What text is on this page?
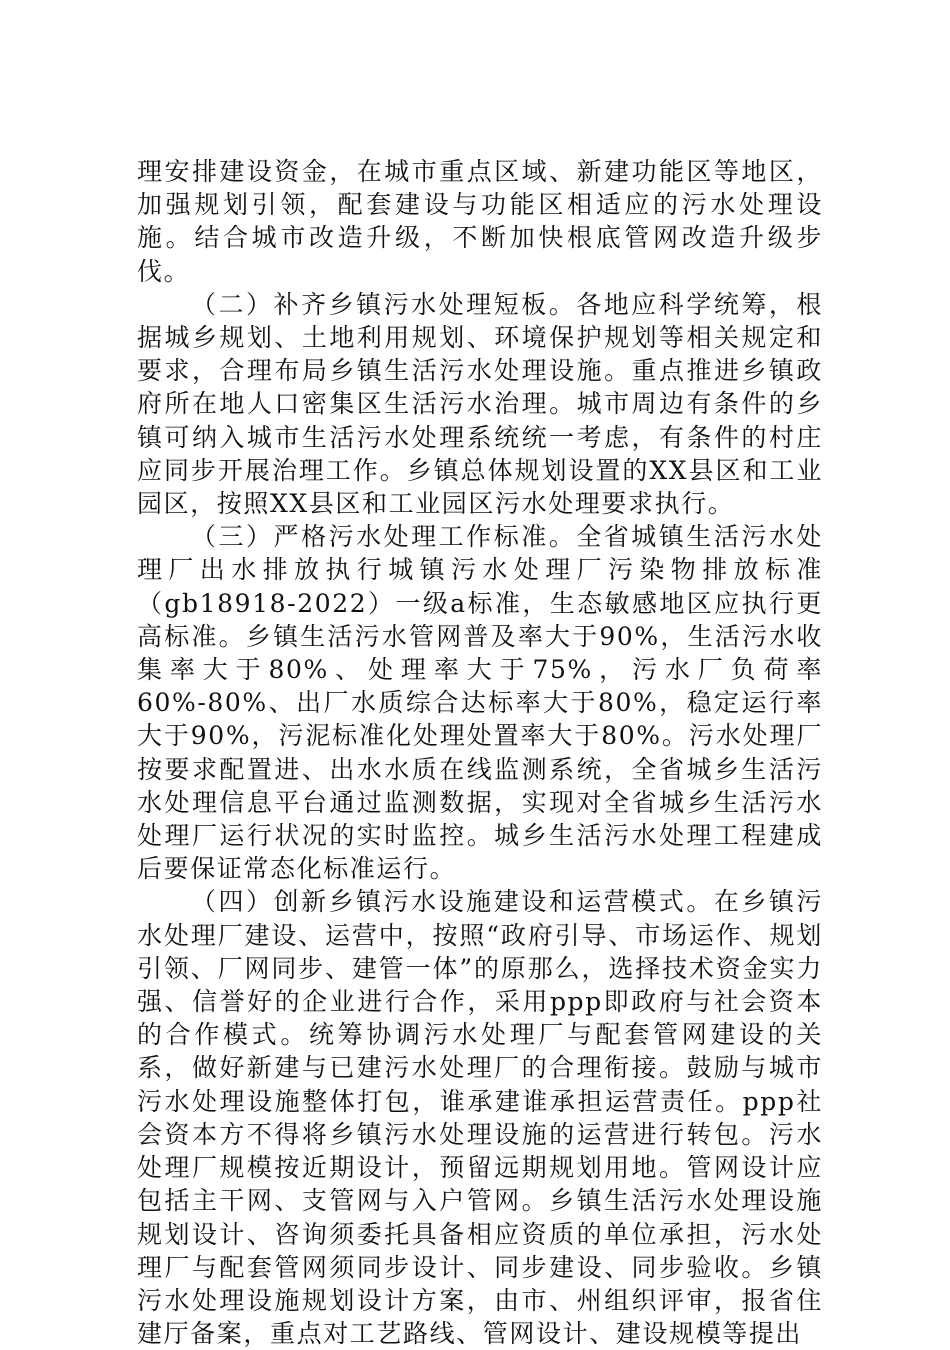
理安排建设资金，在城市重点区域、新建功能区等地区，加强规划引领，配套建设与功能区相适应的污水处理设施。结合城市改造升级，不断加快根底管网改造升级步伐。

（二）补齐乡镇污水处理短板。各地应科学统筹，根据城乡规划、土地利用规划、环境保护规划等相关规定和要求，合理布局乡镇生活污水处理设施。重点推进乡镇政府所在地人口密集区生活污水治理。城市周边有条件的乡镇可纳入城市生活污水处理系统统一考虑，有条件的村庄应同步开展治理工作。乡镇总体规划设置的XX县区和工业园区，按照XX县区和工业园区污水处理要求执行。

（三）严格污水处理工作标准。全省城镇生活污水处理厂出水排放执行城镇污水处理厂污染物排放标准（gb18918-2022）一级a标准，生态敏感地区应执行更高标准。乡镇生活污水管网普及率大于90%，生活污水收集率大于80%、处理率大于75%，污水厂负荷率60%-80%、出厂水质综合达标率大于80%，稳定运行率大于90%，污泥标准化处理处置率大于80%。污水处理厂按要求配置进、出水水质在线监测系统，全省城乡生活污水处理信息平台通过监测数据，实现对全省城乡生活污水处理厂运行状况的实时监控。城乡生活污水处理工程建成后要保证常态化标准运行。

（四）创新乡镇污水设施建设和运营模式。在乡镇污水处理厂建设、运营中，按照“政府引导、市场运作、规划引领、厂网同步、建管一体”的原那么，选择技术资金实力强、信誉好的企业进行合作，采用ppp即政府与社会资本的合作模式。统筹协调污水处理厂与配套管网建设的关系，做好新建与已建污水处理厂的合理衔接。鼓励与城市污水处理设施整体打包，谁承建谁承担运营责任。ppp社会资本方不得将乡镇污水处理设施的运营进行转包。污水处理厂规模按近期设计，预留远期规划用地。管网设计应包括主干网、支管网与入户管网。乡镇生活污水处理设施规划设计、咨询须委托具备相应资质的单位承担，污水处理厂与配套管网须同步设计、同步建设、同步验收。乡镇污水处理设施规划设计方案，由市、州组织评审，报省住建厅备案，重点对工艺路线、管网设计、建设规模等提出
